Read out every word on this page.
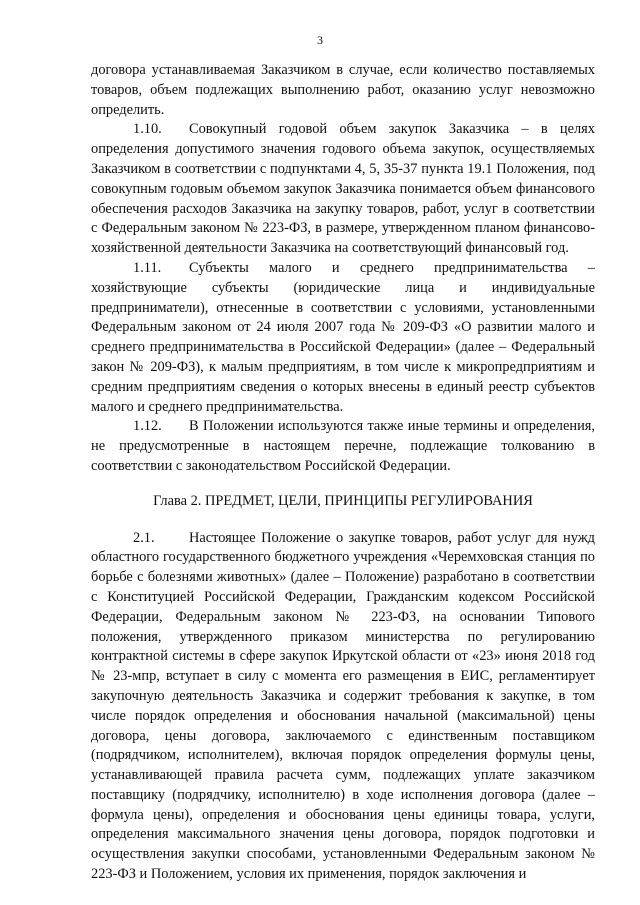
3

договора устанавливаемая Заказчиком в случае, если количество поставляемых товаров, объем подлежащих выполнению работ, оказанию услуг невозможно определить.

1.10. Совокупный годовой объем закупок Заказчика – в целях определения допустимого значения годового объема закупок, осуществляемых Заказчиком в соответствии с подпунктами 4, 5, 35-37 пункта 19.1 Положения, под совокупным годовым объемом закупок Заказчика понимается объем финансового обеспечения расходов Заказчика на закупку товаров, работ, услуг в соответствии с Федеральным законом № 223-ФЗ, в размере, утвержденном планом финансово-хозяйственной деятельности Заказчика на соответствующий финансовый год.

1.11. Субъекты малого и среднего предпринимательства – хозяйствующие субъекты (юридические лица и индивидуальные предприниматели), отнесенные в соответствии с условиями, установленными Федеральным законом от 24 июля 2007 года № 209-ФЗ «О развитии малого и среднего предпринимательства в Российской Федерации» (далее – Федеральный закон № 209-ФЗ), к малым предприятиям, в том числе к микропредприятиям и средним предприятиям сведения о которых внесены в единый реестр субъектов малого и среднего предпринимательства.

1.12. В Положении используются также иные термины и определения, не предусмотренные в настоящем перечне, подлежащие толкованию в соответствии с законодательством Российской Федерации.

Глава 2. ПРЕДМЕТ, ЦЕЛИ, ПРИНЦИПЫ РЕГУЛИРОВАНИЯ

2.1. Настоящее Положение о закупке товаров, работ услуг для нужд областного государственного бюджетного учреждения «Черемховская станция по борьбе с болезнями животных» (далее – Положение) разработано в соответствии с Конституцией Российской Федерации, Гражданским кодексом Российской Федерации, Федеральным законом № 223-ФЗ, на основании Типового положения, утвержденного приказом министерства по регулированию контрактной системы в сфере закупок Иркутской области от «23» июня 2018 год № 23-мпр, вступает в силу с момента его размещения в ЕИС, регламентирует закупочную деятельность Заказчика и содержит требования к закупке, в том числе порядок определения и обоснования начальной (максимальной) цены договора, цены договора, заключаемого с единственным поставщиком (подрядчиком, исполнителем), включая порядок определения формулы цены, устанавливающей правила расчета сумм, подлежащих уплате заказчиком поставщику (подрядчику, исполнителю) в ходе исполнения договора (далее – формула цены), определения и обоснования цены единицы товара, услуги, определения максимального значения цены договора, порядок подготовки и осуществления закупки способами, установленными Федеральным законом № 223-ФЗ и Положением, условия их применения, порядок заключения и
